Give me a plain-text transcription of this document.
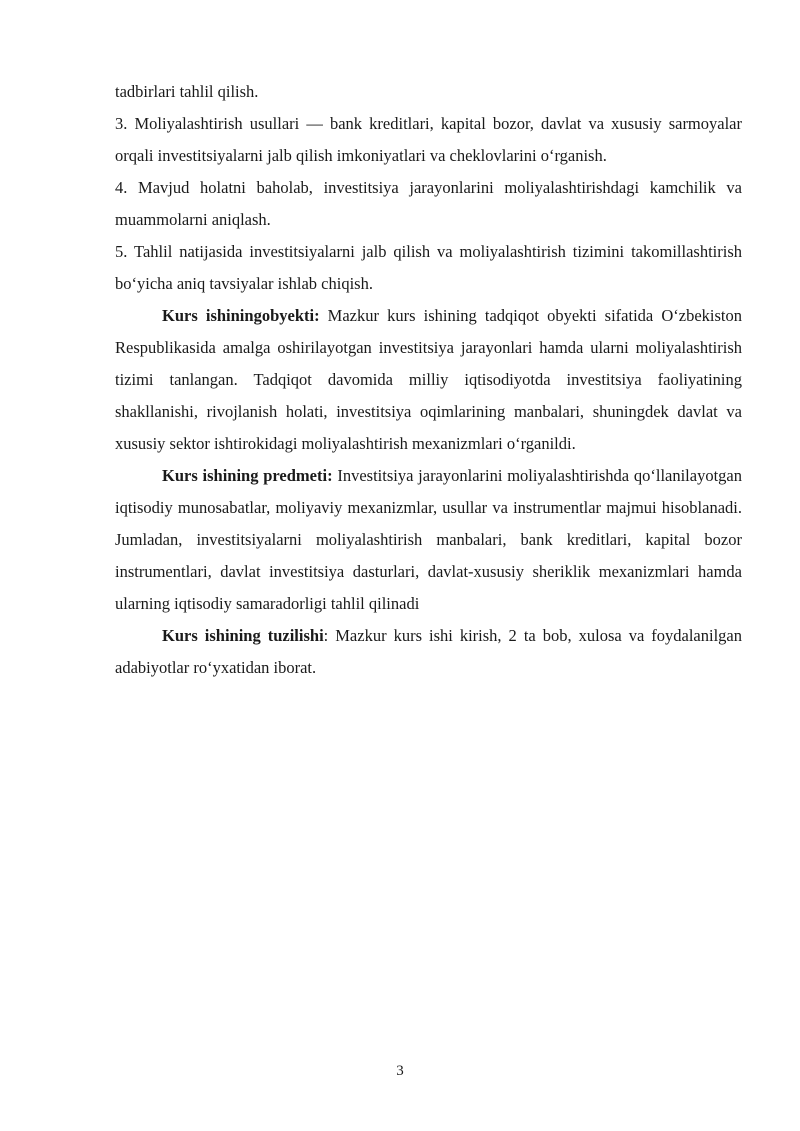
tadbirlari tahlil qilish.

3. Moliyalashtirish usullari — bank kreditlari, kapital bozor, davlat va xususiy sarmoyalar orqali investitsiyalarni jalb qilish imkoniyatlari va cheklovlarini o‘rganish.

4. Mavjud holatni baholab, investitsiya jarayonlarini moliyalashtirishdagi kamchilik va muammolarni aniqlash.

5. Tahlil natijasida investitsiyalarni jalb qilish va moliyalashtirish tizimini takomillashtirish bo‘yicha aniq tavsiyalar ishlab chiqish.

Kurs ishiningobyekti: Mazkur kurs ishining tadqiqot obyekti sifatida O‘zbekiston Respublikasida amalga oshirilayotgan investitsiya jarayonlari hamda ularni moliyalashtirish tizimi tanlangan. Tadqiqot davomida milliy iqtisodiyotda investitsiya faoliyatining shakllanishi, rivojlanish holati, investitsiya oqimlarining manbalari, shuningdek davlat va xususiy sektor ishtirokidagi moliyalashtirish mexanizmlari o‘rganildi.

Kurs ishining predmeti: Investitsiya jarayonlarini moliyalashtirishda qo‘llanilayotgan iqtisodiy munosabatlar, moliyaviy mexanizmlar, usullar va instrumentlar majmui hisoblanadi. Jumladan, investitsiyalarni moliyalashtirish manbalari, bank kreditlari, kapital bozor instrumentlari, davlat investitsiya dasturlari, davlat-xususiy sheriklik mexanizmlari hamda ularning iqtisodiy samaradorligi tahlil qilinadi

Kurs ishining tuzilishi: Mazkur kurs ishi kirish, 2 ta bob, xulosa va foydalanilgan adabiyotlar ro‘yxatidan iborat.

3
